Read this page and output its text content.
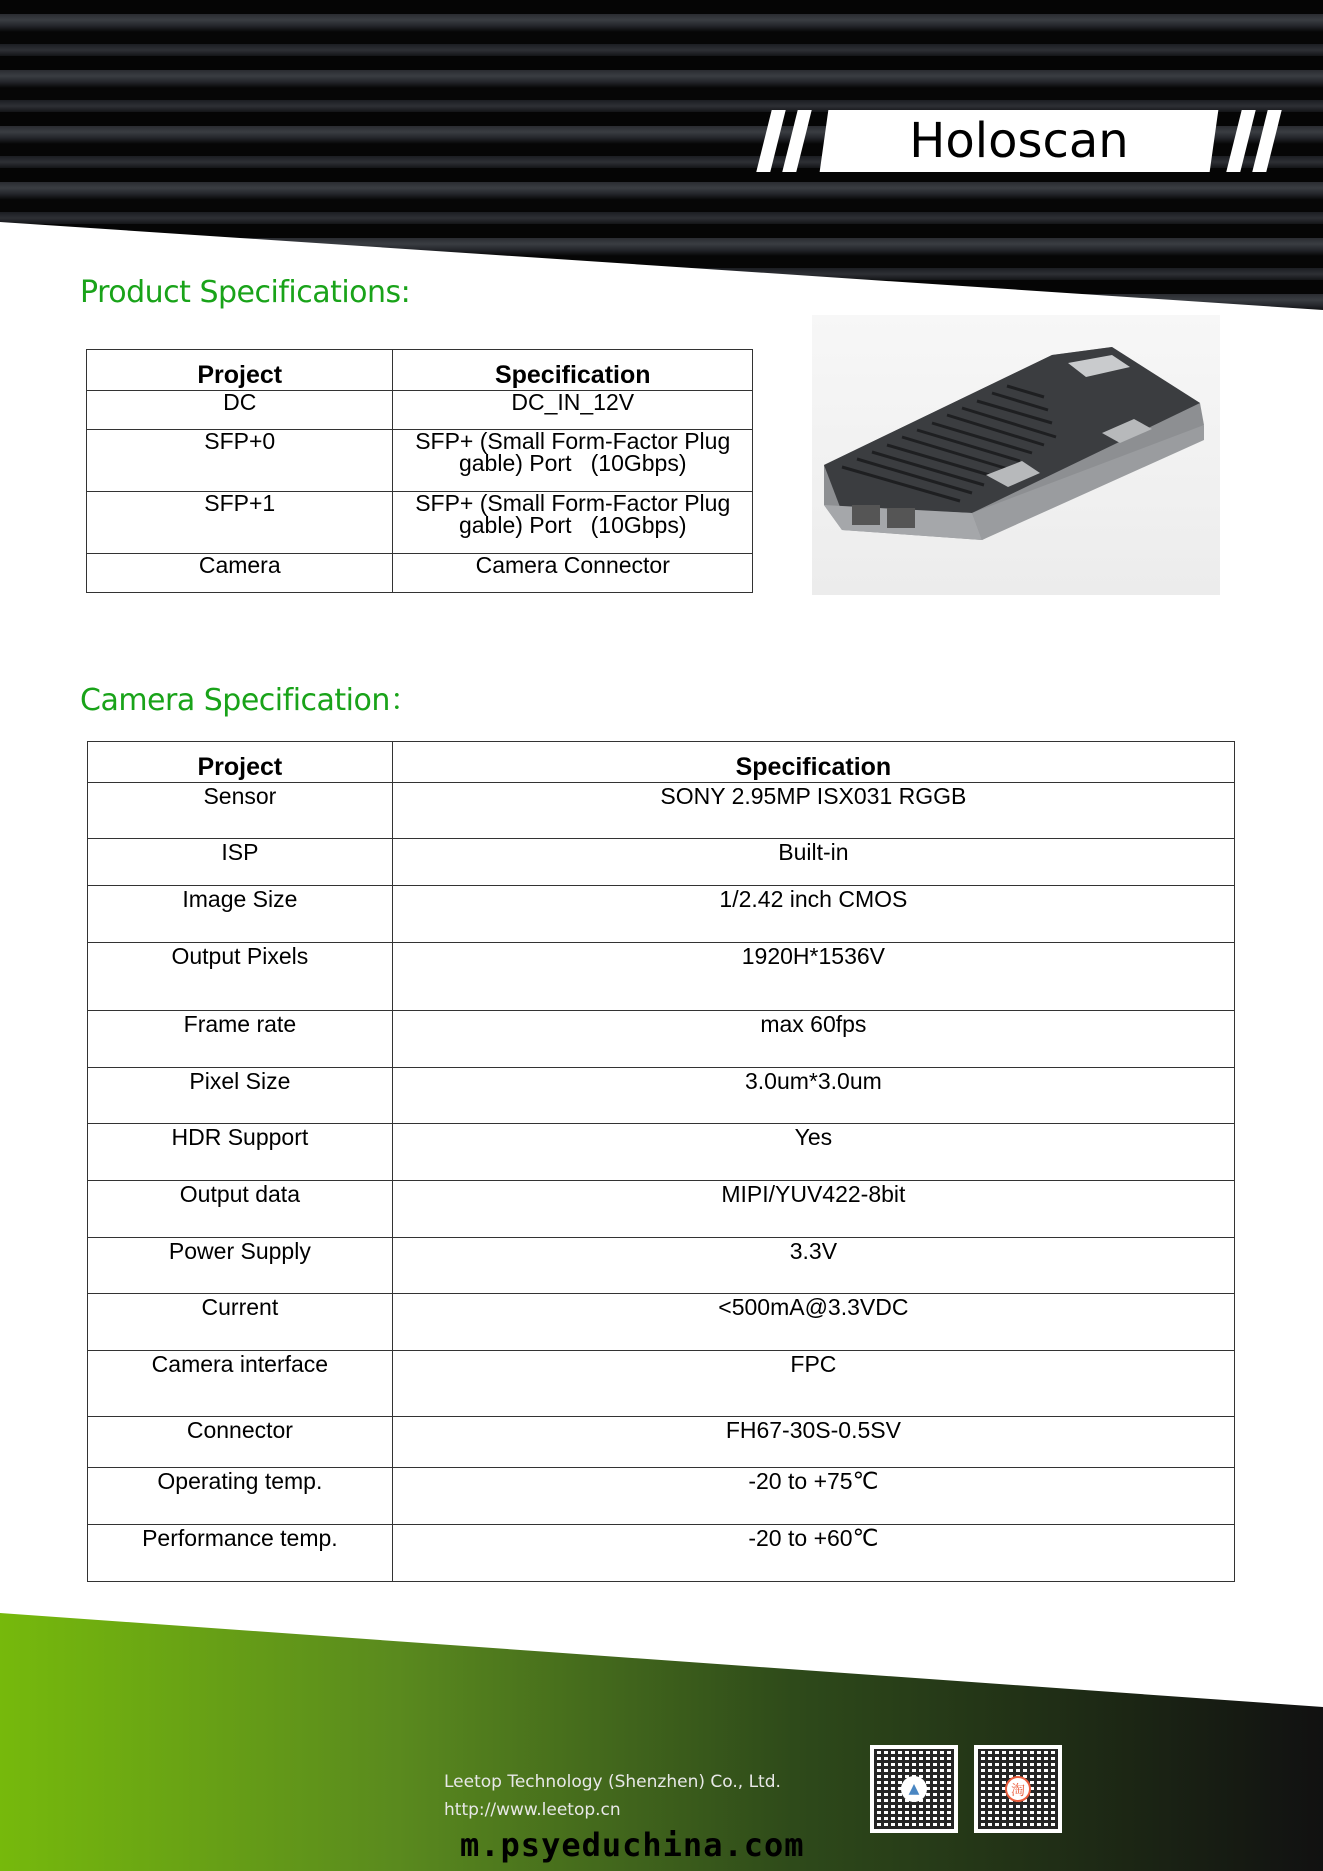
Holoscan
Product Specifications:
Project	Specification
DC	DC_IN_12V
SFP+0	SFP+ (Small Form-Factor Plug
gable) Port   (10Gbps)

SFP+1	SFP+ (Small Form-Factor Plug
gable) Port   (10Gbps)

Camera	Camera Connector
Camera Specification：
Project	Specification
Sensor	SONY 2.95MP ISX031 RGGB
ISP	Built-in
Image Size	1/2.42 inch CMOS
Output Pixels	1920H*1536V
Frame rate	max 60fps
Pixel Size	3.0um*3.0um
HDR Support	Yes
Output data	MIPI/YUV422-8bit
Power Supply	3.3V
Current	<500mA@3.3VDC
Camera interface	FPC
Connector	FH67-30S-0.5SV
Operating temp.	-20 to +75℃
Performance temp.	-20 to +60℃
Leetop Technology (Shenzhen) Co., Ltd.
http://www.leetop.cn
▲	淘
m.psyeduchina.com
